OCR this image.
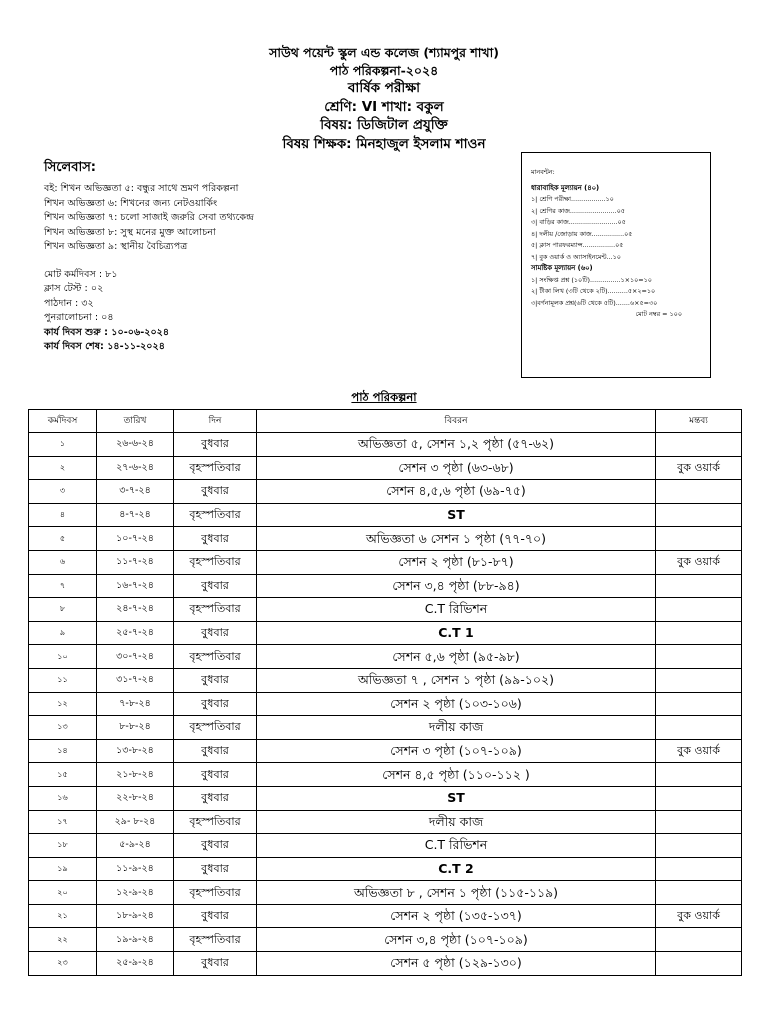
সাউথ পয়েন্ট স্কুল এন্ড কলেজ (শ্যামপুর শাখা)
পাঠ পরিকল্পনা-২০২৪
বার্ষিক পরীক্ষা
শ্রেণি: VI শাখা: বকুল
বিষয়: ডিজিটাল প্রযুক্তি
বিষয় শিক্ষক: মিনহাজুল ইসলাম শাওন
সিলেবাস:
বই: শিখন অভিজ্ঞতা ৫: বন্ধুর সাথে ভ্রমণ পরিকল্পনা
শিখন অভিজ্ঞতা ৬: শিখনের জন্য নেটওয়ার্কিং
শিখন অভিজ্ঞতা ৭: চলো সাজাই জরুরি সেবা তথ্যকেন্দ্র
শিখন অভিজ্ঞতা ৮: সুস্থ মনের মুক্ত আলোচনা
শিখন অভিজ্ঞতা ৯: স্থানীয় বৈচিত্র্যপত্র
মোট কর্মদিবস : ৮১
ক্লাস টেস্ট : ০২
পাঠদান : ৩২
পুনরালোচনা : ০৪
কার্য দিবস শুরু : ১০-০৬-২০২৪
কার্য দিবস শেষ: ১৪-১১-২০২৪
মানবন্টন:
ধারাবাহিক মূল্যায়ন (৪০)
১| শ্রেণি পরীক্ষা.................১০
২| শ্রেণির কাজ.......................০৫
৩| বাড়ির কাজ........................০৫
৪| দলীয় /জোড়ায় কাজ................০৫
৫| ক্লাস পারফরম্যান্স................০৫
৭| বুক ওয়ার্ক ও অ্যাসাইনমেন্ট...১০
সামষ্টিক মূল্যায়ন (৬০)
১| সংক্ষিপ্ত প্রশ্ন (১০টি)...............১×১০=১০
২| টীকা লিখ (৩টি থেকে ২টি)..........৫×২=১০
৩|বর্ণনামূলক প্রশ্ন(৬টি থেকে ৫টি).......৬×৫=৩০
মোট নম্বর = ১০০
পাঠ পরিকল্পনা
কর্মদিবস	তারিখ	দিন	বিবরন	মন্তব্য
১	২৬-৬-২৪	বুধবার	অভিজ্ঞতা ৫, সেশন ১,২ পৃষ্ঠা (৫৭-৬২)	
২	২৭-৬-২৪	বৃহস্পতিবার	সেশন ৩ পৃষ্ঠা (৬৩-৬৮)	বুক ওয়ার্ক
৩	৩-৭-২৪	বুধবার	সেশন ৪,৫,৬ পৃষ্ঠা (৬৯-৭৫)	
৪	৪-৭-২৪	বৃহস্পতিবার	ST	
৫	১০-৭-২৪	বুধবার	অভিজ্ঞতা ৬ সেশন ১ পৃষ্ঠা (৭৭-৭০)	
৬	১১-৭-২৪	বৃহস্পতিবার	সেশন ২ পৃষ্ঠা (৮১-৮৭)	বুক ওয়ার্ক
৭	১৬-৭-২৪	বুধবার	সেশন ৩,৪ পৃষ্ঠা (৮৮-৯৪)	
৮	২৪-৭-২৪	বৃহস্পতিবার	C.T রিভিশন	
৯	২৫-৭-২৪	বুধবার	C.T 1	
১০	৩০-৭-২৪	বৃহস্পতিবার	সেশন ৫,৬ পৃষ্ঠা (৯৫-৯৮)	
১১	৩১-৭-২৪	বুধবার	অভিজ্ঞতা ৭ , সেশন ১ পৃষ্ঠা (৯৯-১০২)	
১২	৭-৮-২৪	বুধবার	সেশন ২ পৃষ্ঠা (১০৩-১০৬)	
১৩	৮-৮-২৪	বৃহস্পতিবার	দলীয় কাজ	
১৪	১৩-৮-২৪	বুধবার	সেশন ৩ পৃষ্ঠা (১০৭-১০৯)	বুক ওয়ার্ক
১৫	২১-৮-২৪	বুধবার	সেশন ৪,৫ পৃষ্ঠা (১১০-১১২ )	
১৬	২২-৮-২৪	বুধবার	ST	
১৭	২৯- ৮-২৪	বৃহস্পতিবার	দলীয় কাজ	
১৮	৫-৯-২৪	বুধবার	C.T রিভিশন	
১৯	১১-৯-২৪	বুধবার	C.T 2	
২০	১২-৯-২৪	বৃহস্পতিবার	অভিজ্ঞতা ৮ , সেশন ১ পৃষ্ঠা (১১৫-১১৯)	
২১	১৮-৯-২৪	বুধবার	সেশন ২ পৃষ্ঠা (১৩৫-১৩৭)	বুক ওয়ার্ক
২২	১৯-৯-২৪	বৃহস্পতিবার	সেশন ৩,৪ পৃষ্ঠা (১০৭-১০৯)	
২৩	২৫-৯-২৪	বুধবার	সেশন ৫ পৃষ্ঠা (১২৯-১৩০)	
